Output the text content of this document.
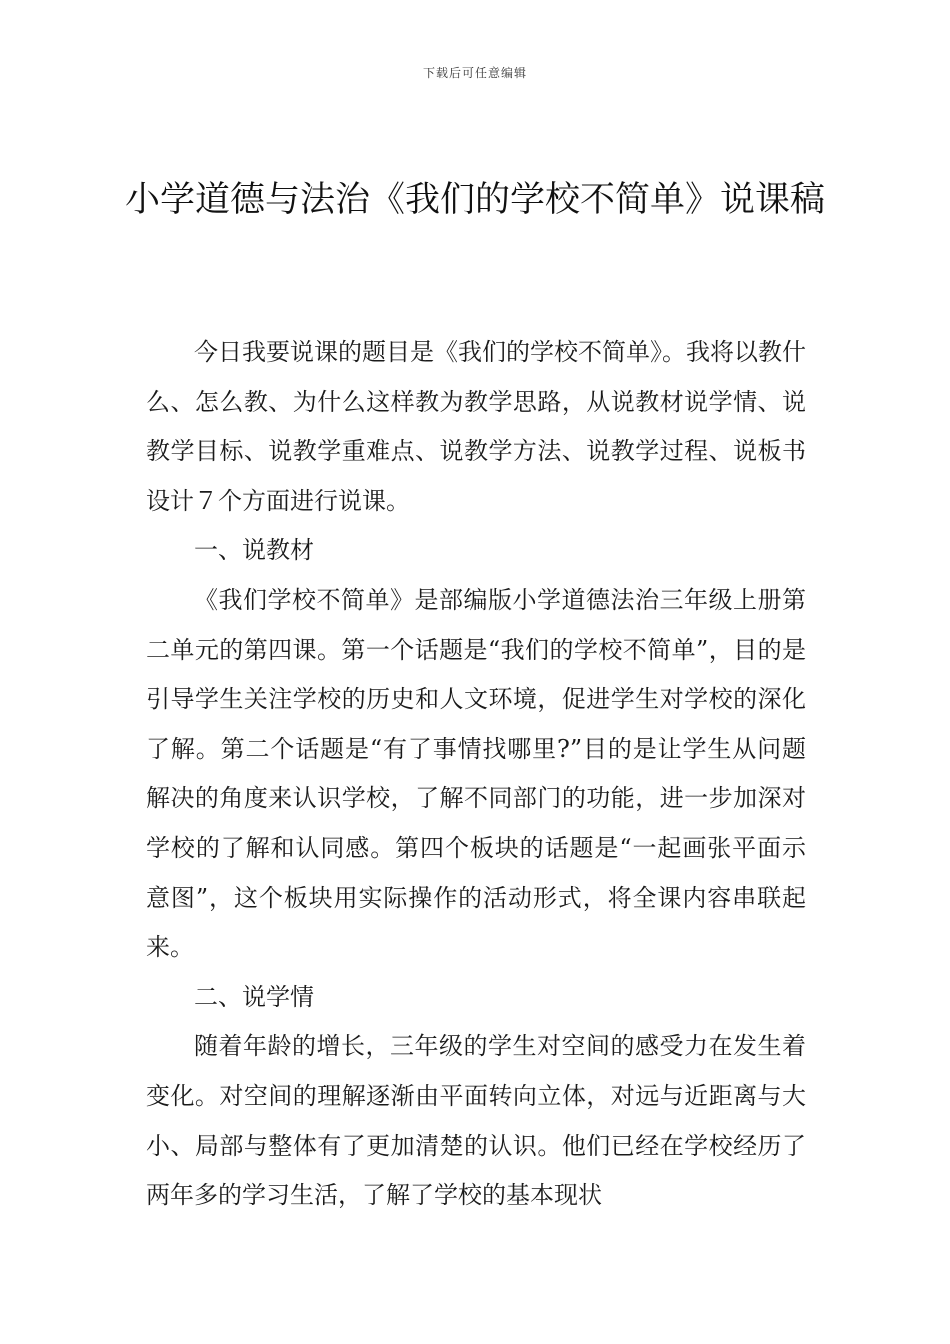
下载后可任意编辑
小学道德与法治《我们的学校不简单》说课稿

今日我要说课的题目是《我们的学校不简单》。我将以教什么、怎么教、为什么这样教为教学思路，从说教材说学情、说教学目标、说教学重难点、说教学方法、说教学过程、说板书设计７个方面进行说课。

一、说教材

《我们学校不简单》是部编版小学道德法治三年级上册第二单元的第四课。第一个话题是“我们的学校不简单”，目的是引导学生关注学校的历史和人文环境，促进学生对学校的深化了解。第二个话题是“有了事情找哪里?”目的是让学生从问题解决的角度来认识学校，了解不同部门的功能，进一步加深对学校的了解和认同感。第四个板块的话题是“一起画张平面示意图”，这个板块用实际操作的活动形式，将全课内容串联起来。

二、说学情

随着年龄的增长，三年级的学生对空间的感受力在发生着变化。对空间的理解逐渐由平面转向立体，对远与近距离与大小、局部与整体有了更加清楚的认识。他们已经在学校经历了两年多的学习生活，了解了学校的基本现状
